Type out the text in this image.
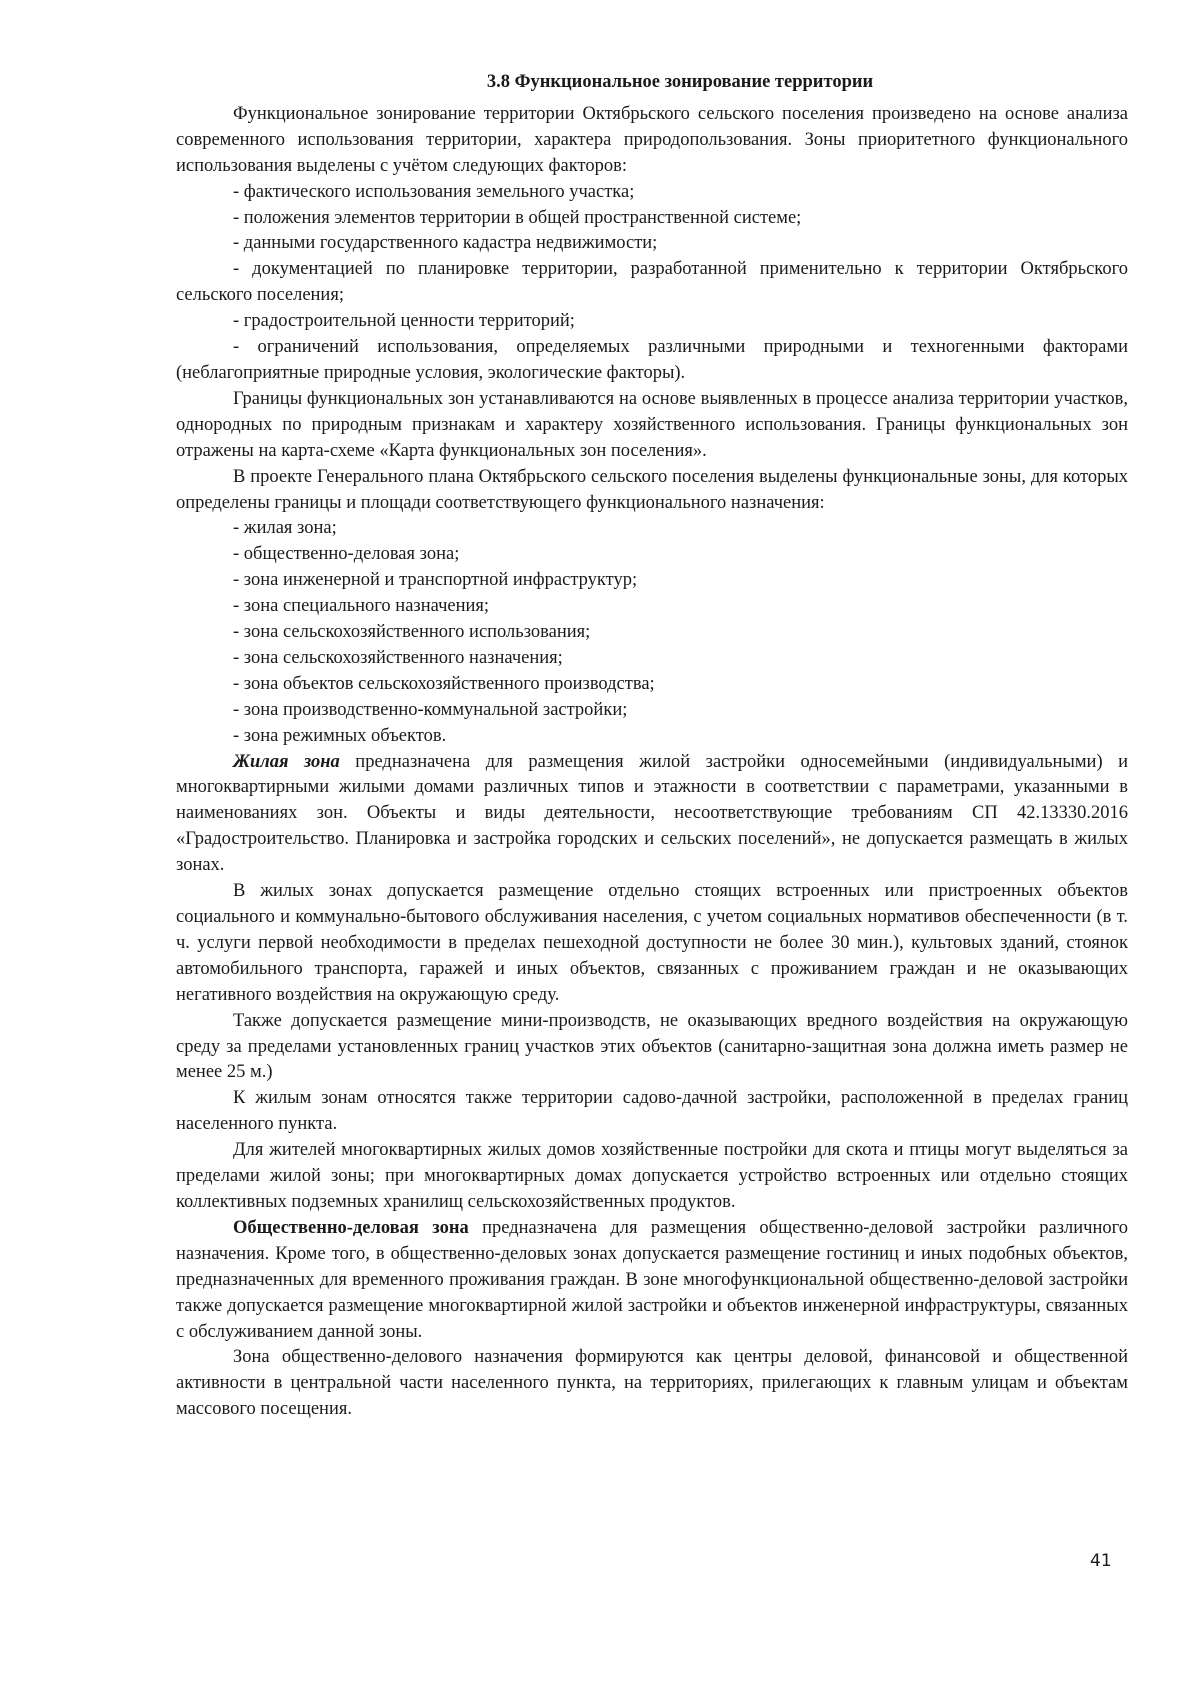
3.8 Функциональное зонирование территории

Функциональное зонирование территории Октябрьского сельского поселения произведено на основе анализа современного использования территории, характера природопользования. Зоны приоритетного функционального использования выделены с учётом следующих факторов:

- фактического использования земельного участка;

- положения элементов территории в общей пространственной системе;

- данными государственного кадастра недвижимости;

- документацией по планировке территории, разработанной применительно к территории Октябрьского сельского поселения;

- градостроительной ценности территорий;

- ограничений использования, определяемых различными природными и техногенными факторами (неблагоприятные природные условия, экологические факторы).

Границы функциональных зон устанавливаются на основе выявленных в процессе анализа территории участков, однородных по природным признакам и характеру хозяйственного использования. Границы функциональных зон отражены на карта-схеме «Карта функциональных зон поселения».

В проекте Генерального плана Октябрьского сельского поселения выделены функциональные зоны, для которых определены границы и площади соответствующего функционального назначения:

- жилая зона;

- общественно-деловая зона;

- зона инженерной и транспортной инфраструктур;

- зона специального назначения;

- зона сельскохозяйственного использования;

- зона сельскохозяйственного назначения;

- зона объектов сельскохозяйственного производства;

- зона производственно-коммунальной застройки;

- зона режимных объектов.

Жилая зона предназначена для размещения жилой застройки односемейными (индивидуальными) и многоквартирными жилыми домами различных типов и этажности в соответствии с параметрами, указанными в наименованиях зон. Объекты и виды деятельности, несоответствующие требованиям СП 42.13330.2016 «Градостроительство. Планировка и застройка городских и сельских поселений», не допускается размещать в жилых зонах.

В жилых зонах допускается размещение отдельно стоящих встроенных или пристроенных объектов социального и коммунально-бытового обслуживания населения, с учетом социальных нормативов обеспеченности (в т. ч. услуги первой необходимости в пределах пешеходной доступности не более 30 мин.), культовых зданий, стоянок автомобильного транспорта, гаражей и иных объектов, связанных с проживанием граждан и не оказывающих негативного воздействия на окружающую среду.

Также допускается размещение мини-производств, не оказывающих вредного воздействия на окружающую среду за пределами установленных границ участков этих объектов (санитарно-защитная зона должна иметь размер не менее 25 м.)

К жилым зонам относятся также территории садово-дачной застройки, расположенной в пределах границ населенного пункта.

Для жителей многоквартирных жилых домов хозяйственные постройки для скота и птицы могут выделяться за пределами жилой зоны; при многоквартирных домах допускается устройство встроенных или отдельно стоящих коллективных подземных хранилищ сельскохозяйственных продуктов.

Общественно-деловая зона предназначена для размещения общественно-деловой застройки различного назначения. Кроме того, в общественно-деловых зонах допускается размещение гостиниц и иных подобных объектов, предназначенных для временного проживания граждан. В зоне многофункциональной общественно-деловой застройки также допускается размещение многоквартирной жилой застройки и объектов инженерной инфраструктуры, связанных с обслуживанием данной зоны.

Зона общественно-делового назначения формируются как центры деловой, финансовой и общественной активности в центральной части населенного пункта, на территориях, прилегающих к главным улицам и объектам массового посещения.

41
